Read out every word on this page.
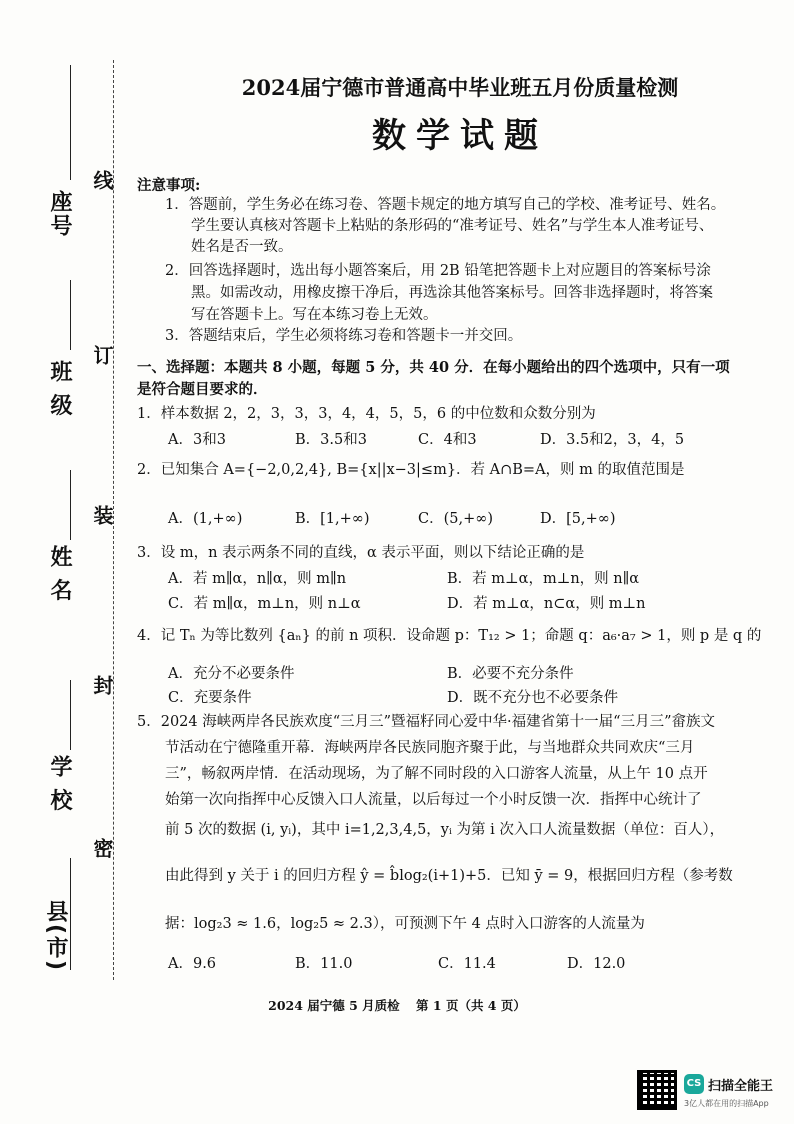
县(市)
学 校
姓 名
班 级
座号
线
订
装
封
密
2024届宁德市普通高中毕业班五月份质量检测
数学试题
注意事项:
1．答题前，学生务必在练习卷、答题卡规定的地方填写自己的学校、准考证号、姓名。
学生要认真核对答题卡上粘贴的条形码的“准考证号、姓名”与学生本人准考证号、
姓名是否一致。
2．回答选择题时，选出每小题答案后，用 2B 铅笔把答题卡上对应题目的答案标号涂
黑。如需改动，用橡皮擦干净后，再选涂其他答案标号。回答非选择题时，将答案
写在答题卡上。写在本练习卷上无效。
3．答题结束后，学生必须将练习卷和答题卡一并交回。
一、选择题：本题共 8 小题，每题 5 分，共 40 分．在每小题给出的四个选项中，只有一项
是符合题目要求的．
1．样本数据 2，2，3，3，3，4，4，5，5，6 的中位数和众数分别为
A．3和3	B．3.5和3	C．4和3	D．3.5和2，3，4，5
2．已知集合 A={−2,0,2,4}, B={x||x−3|≤m}．若 A∩B=A，则 m 的取值范围是
A．(1,+∞)	B．[1,+∞)	C．(5,+∞)	D．[5,+∞)
3．设 m，n 表示两条不同的直线，α 表示平面，则以下结论正确的是
A．若 m∥α，n∥α，则 m∥n	B．若 m⊥α，m⊥n，则 n∥α
C．若 m∥α，m⊥n，则 n⊥α	D．若 m⊥α，n⊂α，则 m⊥n
4．记 Tₙ 为等比数列 {aₙ} 的前 n 项积．设命题 p：T₁₂ > 1；命题 q：a₆·a₇ > 1，则 p 是 q 的
A．充分不必要条件	B．必要不充分条件
C．充要条件	D．既不充分也不必要条件
5．2024 海峡两岸各民族欢度“三月三”暨福籽同心爱中华·福建省第十一届“三月三”畲族文
节活动在宁德隆重开幕．海峡两岸各民族同胞齐聚于此，与当地群众共同欢庆“三月
三”，畅叙两岸情．在活动现场，为了解不同时段的入口游客人流量，从上午 10 点开
始第一次向指挥中心反馈入口人流量，以后每过一个小时反馈一次．指挥中心统计了
前 5 次的数据 (i, yᵢ)，其中 i=1,2,3,4,5，yᵢ 为第 i 次入口人流量数据（单位：百人），
由此得到 y 关于 i 的回归方程 ŷ = b̂log₂(i+1)+5．已知 ȳ = 9，根据回归方程（参考数
据：log₂3 ≈ 1.6，log₂5 ≈ 2.3），可预测下午 4 点时入口游客的人流量为
A．9.6	B．11.0	C．11.4	D．12.0
2024 届宁德 5 月质检 第 1 页（共 4 页）
CS 扫描全能王
3亿人都在用的扫描App
